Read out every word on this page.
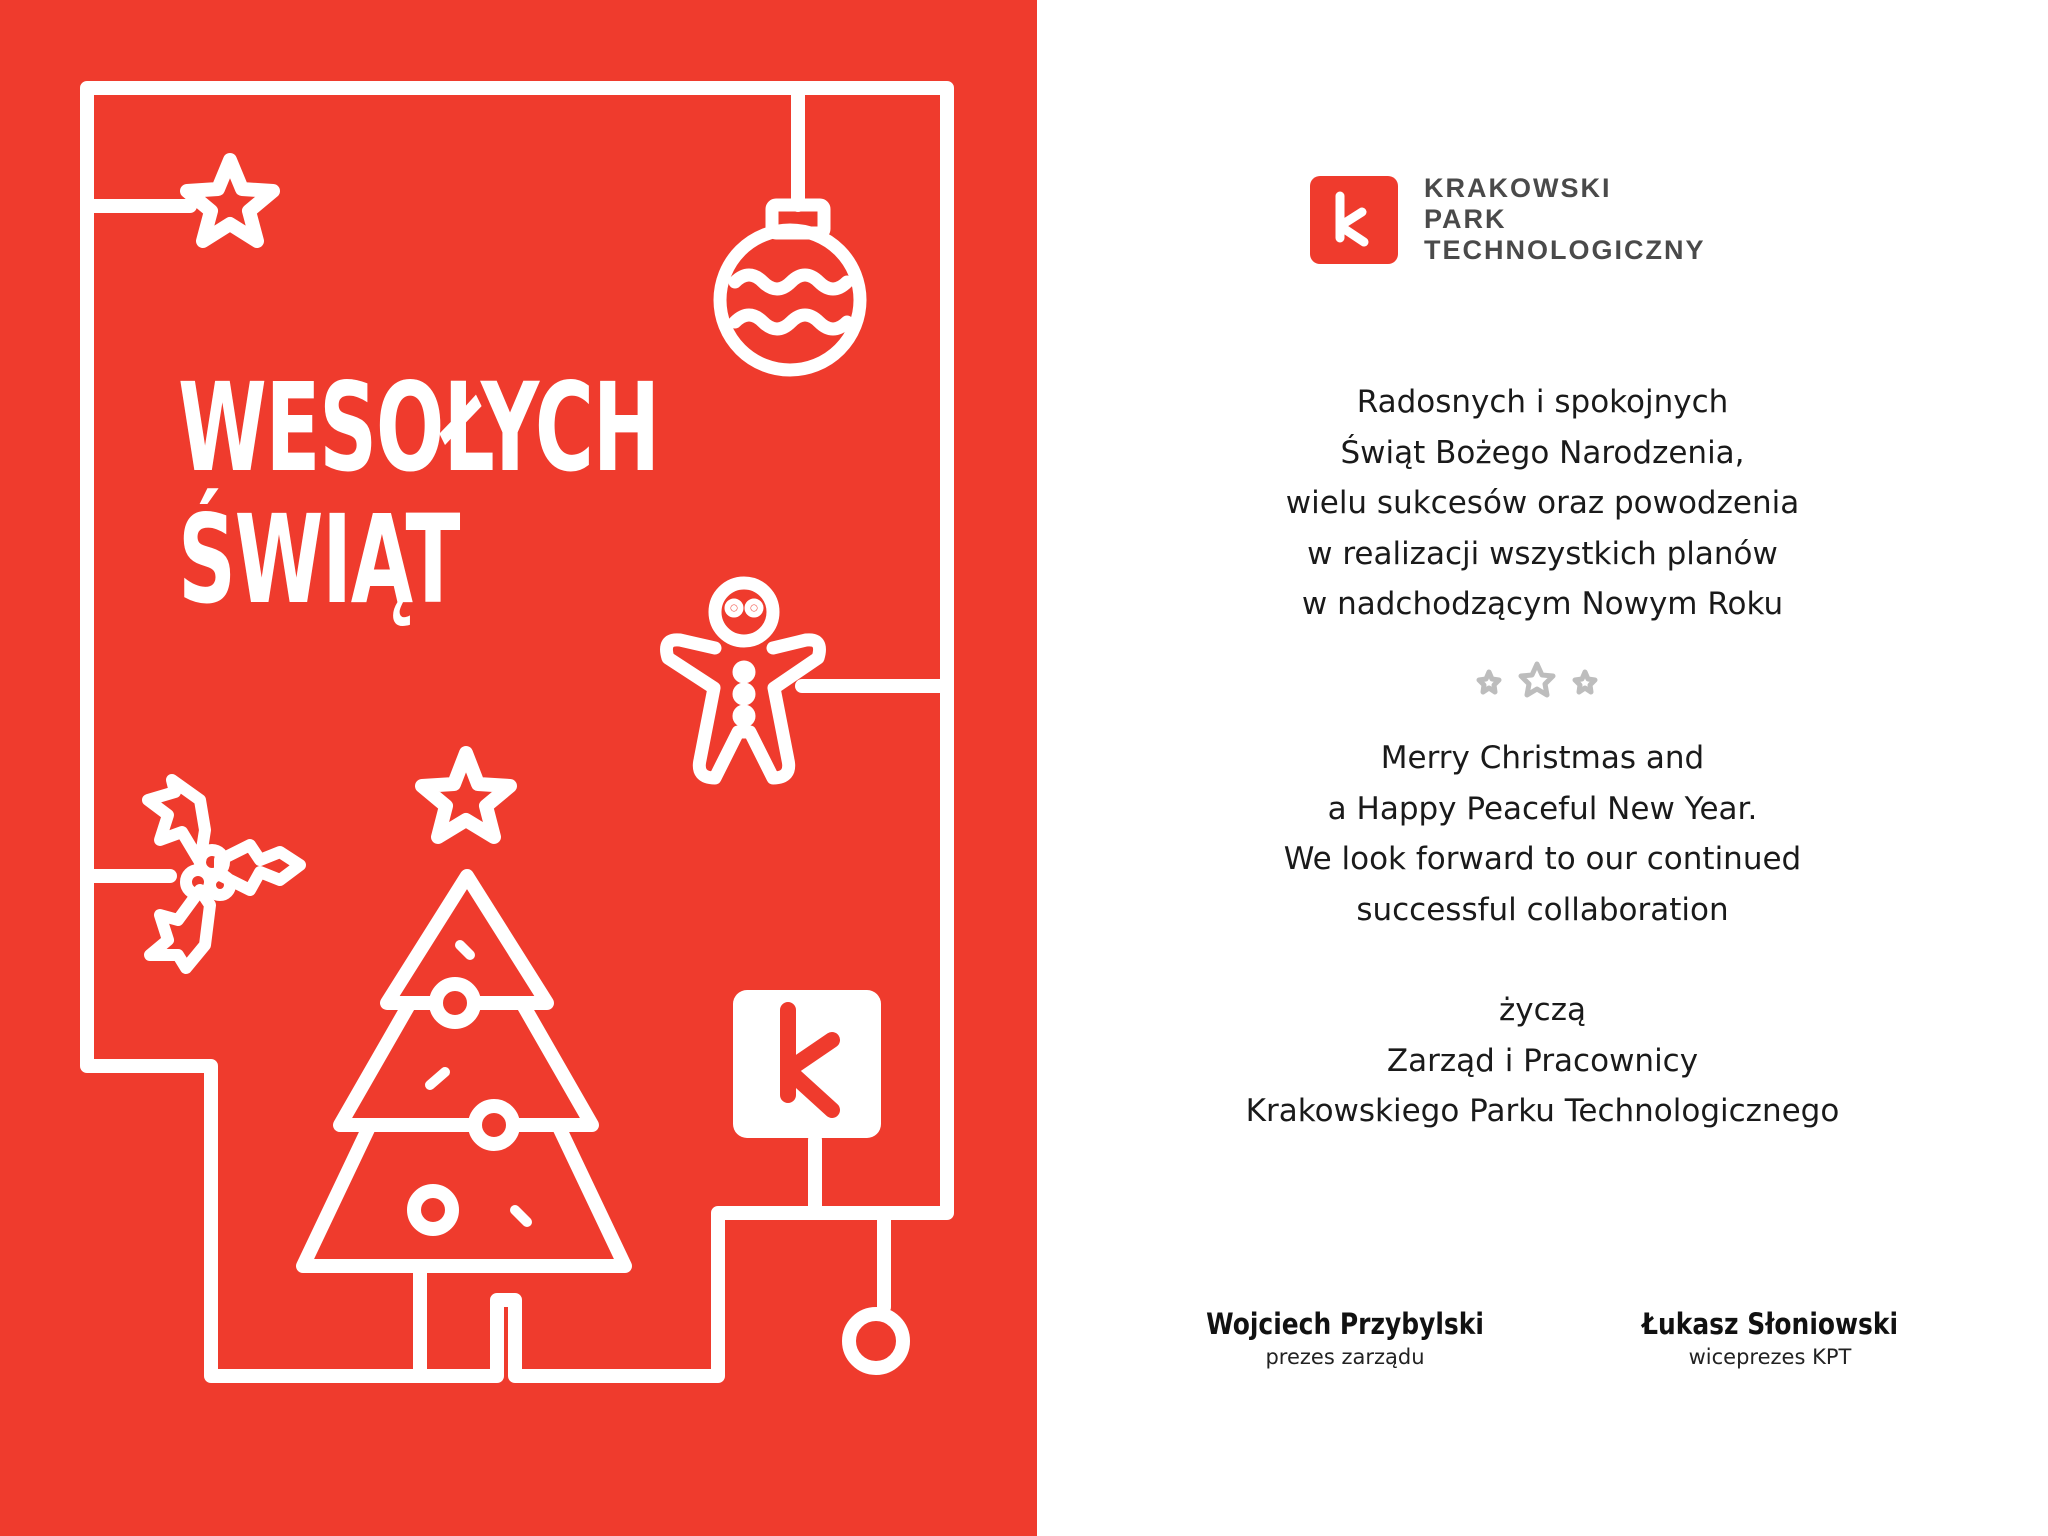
WESOŁYCH
ŚWIĄT
KRAKOWSKI
PARK
TECHNOLOGICZNY
Radosnych i spokojnych
Świąt Bożego Narodzenia,
wielu sukcesów oraz powodzenia
w realizacji wszystkich planów
w nadchodzącym Nowym Roku
Merry Christmas and
a Happy Peaceful New Year.
We look forward to our continued
successful collaboration
życzą
Zarząd i Pracownicy
Krakowskiego Parku Technologicznego
Wojciech Przybylski
prezes zarządu
Łukasz Słoniowski
wiceprezes KPT
